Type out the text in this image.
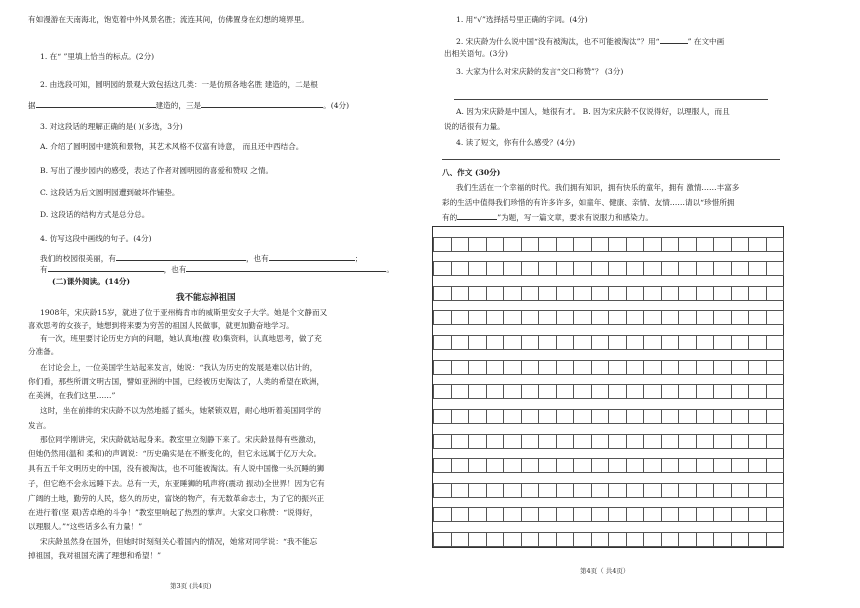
有如漫游在天南海北，饱览着中外风景名胜；流连其间，仿佛置身在幻想的境界里。
1. 在“ ”里填上恰当的标点。(2分)
2. 由选段可知，圆明园的景观大致包括这几类：一是仿照各地名胜 建造的，二是根
据	建造的，三是	。(4分)
3. 对这段话的理解正确的是( )(多选，3分)
A. 介绍了圆明园中建筑和景物，其艺术风格不仅富有诗意， 而且还中西结合。
B. 写出了漫步园内的感受，表达了作者对圆明园的喜爱和赞叹 之情。
C. 这段话为后文圆明园遭到破坏作铺垫。
D. 这段话的结构方式是总分总。
4. 仿写这段中画线的句子。(4分)
我们的校园很美丽，有	，也有	；
有	，也有	。
(二)课外阅读。(14分)
我不能忘掉祖国
1908年，宋庆龄15岁，就进了位于亚州梅肯市的威斯里安女子大学。她是个文静而又
喜欢思考的女孩子，她想到将来要为穷苦的祖国人民做事，就更加勤奋地学习。
有一次，班里要讨论历史方向的问题，她认真地(搜 收)集资料，认真地思考，做了充
分准备。
在讨论会上，一位美国学生站起来发言，她说：“我认为历史的发展是难以估计的，
你们看，那些所谓文明古国，譬如亚洲的中国，已经被历史淘汰了，人类的希望在欧洲，
在美洲，在我们这里……”
这时，坐在前排的宋庆龄不以为然地摇了摇头，她紧锁双眉，耐心地听着美国同学的
发言。
那位同学刚讲完，宋庆龄就站起身来。教室里立刻静下来了。宋庆龄显得有些激动，
但她仍然用(温和 柔和)的声调说：“历史确实是在不断变化的，但它永远属于亿万大众。
具有五千年文明历史的中国，没有被淘汰，也不可能被淘汰。有人说中国像一头沉睡的狮
子，但它绝不会永远睡下去。总有一天，东亚睡狮的吼声将(震动 振动)全世界！因为它有
广阔的土地，勤劳的人民，悠久的历史，富饶的物产，有无数革命志士，为了它的振兴正
在进行着(坚 艰)苦卓绝的斗争！”教室里响起了热烈的掌声。大家交口称赞：“说得好，
以理服人。”“这些话多么有力量！”
宋庆龄虽然身在国外，但她时时刻刻关心着国内的情况，她常对同学说：“我不能忘
掉祖国，我对祖国充满了理想和希望！”
第3页 (共4页)
1. 用“√”选择括号里正确的字词。(4分)
2. 宋庆龄为什么说中国“没有被淘汰，也不可能被淘汰”？用“	” 在文中画
出相关语句。(3分)
3. 大家为什么对宋庆龄的发言“交口称赞”？ (3分)
A. 因为宋庆龄是中国人，她很有才。 B. 因为宋庆龄不仅说得好，以理服人，而且
说的话很有力量。
4. 读了短文，你有什么感受？(4分)
八、作文 (30分)
我们生活在一个幸福的时代。我们拥有知识，拥有快乐的童年，拥有 激情……丰富多
彩的生活中值得我们珍惜的有许多许多，如童年、健康、亲情、友情……请以“珍惜所拥
有的	”为题，写一篇文章，要求有说服力和感染力。
第4页（ 共4页）
